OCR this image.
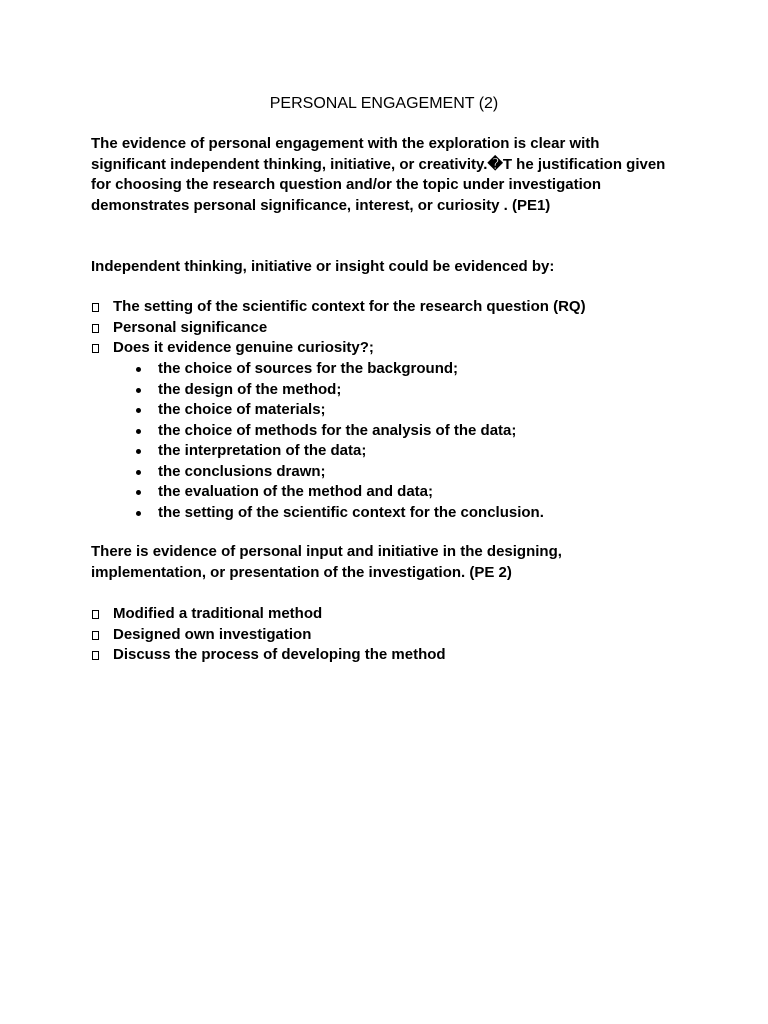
PERSONAL ENGAGEMENT (2)
The evidence of personal engagement with the exploration is clear with significant independent thinking, initiative, or creativity.�T he justification given for choosing the research question and/or the topic under investigation demonstrates personal significance, interest, or curiosity . (PE1)
Independent thinking, initiative or insight could be evidenced by:
The setting of the scientific context for the research question (RQ)
Personal significance
Does it evidence genuine curiosity?;
the choice of sources for the background;
the design of the method;
the choice of materials;
the choice of methods for the analysis of the data;
the interpretation of the data;
the conclusions drawn;
the evaluation of the method and data;
the setting of the scientific context for the conclusion.
There is evidence of personal input and initiative in the designing, implementation, or presentation of the investigation. (PE 2)
Modified a traditional method
Designed own investigation
Discuss the process of developing the method
